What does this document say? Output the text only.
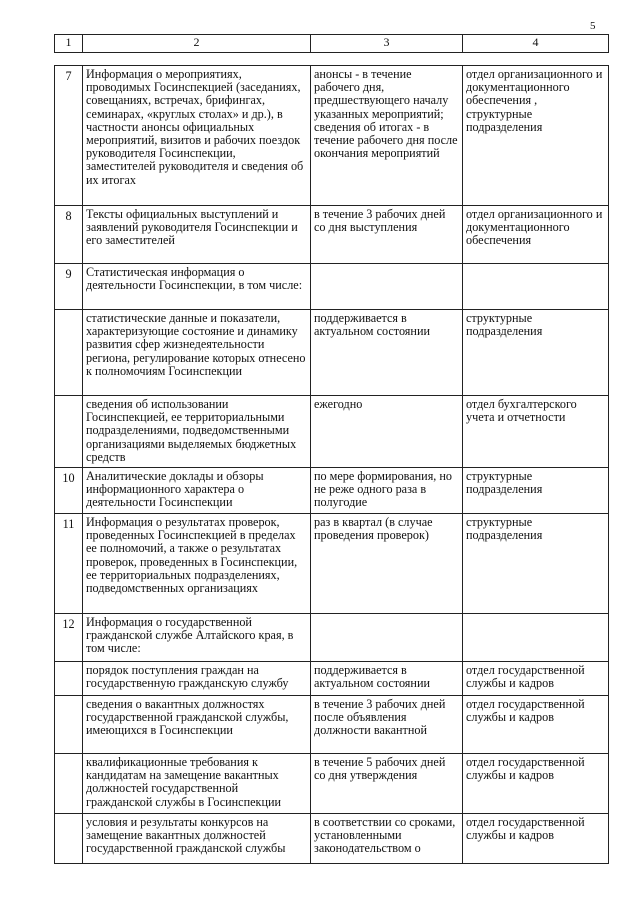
5
1	2	3	4
7	Информация о мероприятиях, проводимых Госинспекцией (заседаниях, совещаниях, встречах, брифингах, семинарах, «круглых столах» и др.), в частности анонсы официальных мероприятий, визитов и рабочих поездок руководителя Госинспекции, заместителей руководителя и сведения об их итогах	анонсы - в течение рабочего дня, предшествующего началу указанных мероприятий; сведения об итогах - в течение рабочего дня после окончания мероприятий	отдел организационного и документационного обеспечения , структурные подразделения
8	Тексты официальных выступлений и заявлений руководителя Госинспекции и его заместителей	в течение 3 рабочих дней со дня выступления	отдел организационного и документационного обеспечения
9	Статистическая информация о деятельности Госинспекции, в том числе:		
	статистические данные и показатели, характеризующие состояние и динамику развития сфер жизнедеятельности региона, регулирование которых отнесено к полномочиям Госинспекции	поддерживается в актуальном состоянии	структурные подразделения
	сведения об использовании Госинспекцией, ее территориальными подразделениями, подведомственными организациями выделяемых бюджетных средств	ежегодно	отдел бухгалтерского учета и отчетности
10	Аналитические доклады и обзоры информационного характера о деятельности Госинспекции	по мере формирования, но не реже одного раза в полугодие	структурные подразделения
11	Информация о результатах проверок, проведенных Госинспекцией в пределах ее полномочий, а также о результатах проверок, проведенных в Госинспекции, ее территориальных подразделениях, подведомственных организациях	раз в квартал (в случае проведения проверок)	структурные подразделения
12	Информация о государственной гражданской службе Алтайского края, в том числе:		
	порядок поступления граждан на государственную гражданскую службу	поддерживается в актуальном состоянии	отдел государственной службы и кадров
	сведения о вакантных должностях государственной гражданской службы, имеющихся в Госинспекции	в течение 3 рабочих дней после объявления должности вакантной	отдел государственной службы и кадров
	квалификационные требования к кандидатам на замещение вакантных должностей государственной гражданской службы в Госинспекции	в течение 5 рабочих дней со дня утверждения	отдел государственной службы и кадров
	условия и результаты конкурсов на замещение вакантных должностей государственной гражданской службы	в соответствии со сроками, установленными законодательством о	отдел государственной службы и кадров
